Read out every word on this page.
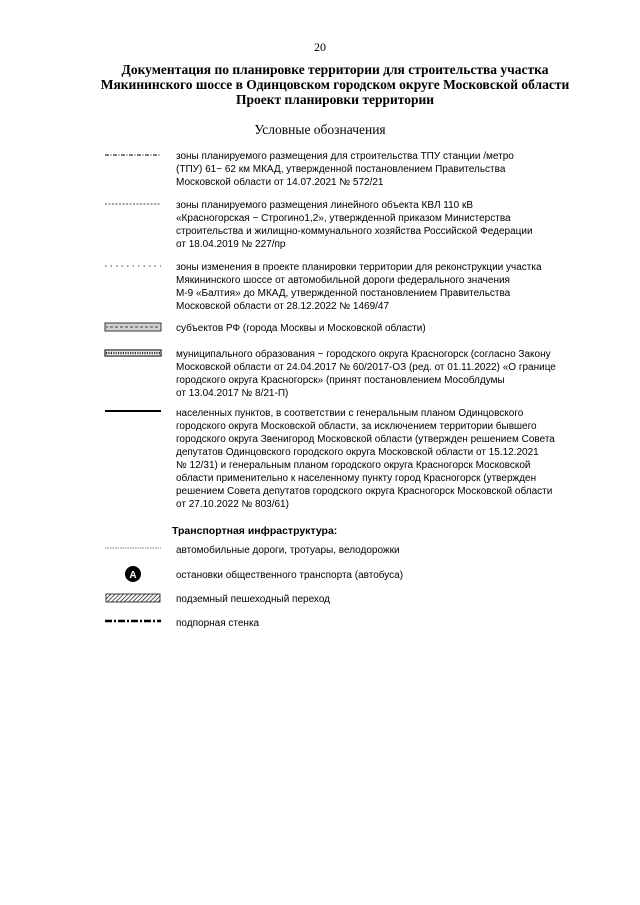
20
Документация по планировке территории для строительства участка
Мякининского шоссе в Одинцовском городском округе Московской области
Проект планировки территории
Условные обозначения
зоны планируемого размещения для строительства ТПУ станции /метро
(ТПУ) 61− 62 км МКАД, утвержденной постановлением Правительства
Московской области от 14.07.2021 № 572/21
зоны планируемого размещения линейного объекта КВЛ 110 кВ
«Красногорская − Строгино1,2», утвержденной приказом Министерства
строительства и жилищно-коммунального хозяйства Российской Федерации
от 18.04.2019 № 227/пр
зоны изменения в проекте планировки территории для реконструкции участка
Мякининского шоссе от автомобильной дороги федерального значения
М-9 «Балтия» до МКАД, утвержденной постановлением Правительства
Московской области от 28.12.2022 № 1469/47
субъектов РФ (города Москвы и Московской области)
муниципального образования − городского округа Красногорск (согласно Закону
Московской области от 24.04.2017 № 60/2017-ОЗ (ред. от 01.11.2022) «О границе
городского округа Красногорск» (принят постановлением Мособлдумы
от 13.04.2017 № 8/21-П)
населенных пунктов, в соответствии с генеральным планом Одинцовского
городского округа Московской области, за исключением территории бывшего
городского округа Звенигород Московской области (утвержден решением Совета
депутатов Одинцовского городского округа Московской области от 15.12.2021
№ 12/31) и генеральным планом городского округа Красногорск Московской
области применительно к населенному пункту город Красногорск (утвержден
решением Совета депутатов городского округа Красногорск Московской области
от 27.10.2022 № 803/61)
Транспортная инфраструктура:
автомобильные дороги, тротуары, велодорожки
A	остановки общественного транспорта (автобуса)
подземный пешеходный переход
подпорная стенка
